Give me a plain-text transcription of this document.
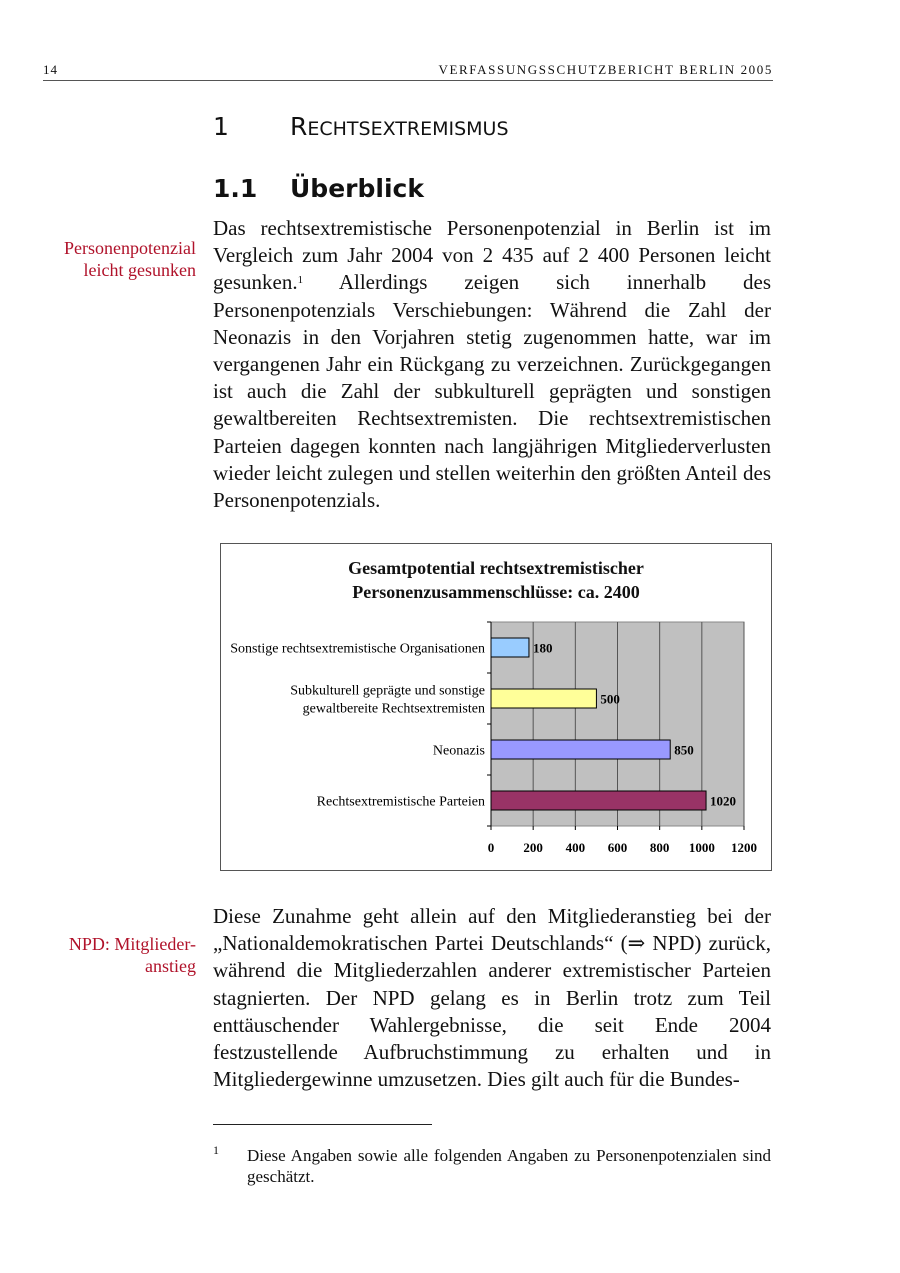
14	VERFASSUNGSSCHUTZBERICHT BERLIN 2005
1 RECHTSEXTREMISMUS
1.1 Überblick
Personenpotenzial
leicht gesunken
Das rechtsextremistische Personenpotenzial in Berlin ist im Vergleich zum Jahr 2004 von 2 435 auf 2 400 Personen leicht gesunken.$^1$ Allerdings zeigen sich innerhalb des Personenpotenzials Verschiebungen: Während die Zahl der Neonazis in den Vorjahren stetig zugenommen hatte, war im vergangenen Jahr ein Rückgang zu verzeichnen. Zurückgegangen ist auch die Zahl der subkulturell geprägten und sonstigen gewaltbereiten Rechtsextremisten. Die rechtsextremistischen Parteien dagegen konnten nach langjährigen Mitgliederverlusten wieder leicht zulegen und stellen weiterhin den größten Anteil des Personenpotenzials.
Gesamtpotential rechtsextremistischer
Personenzusammenschlüsse: ca. 2400
0 200 400 600 800 1000 1200
180
Sonstige rechtsextremistische Organisationen
500
Subkulturell geprägte und sonstige
gewaltbereite Rechtsextremisten
850
Neonazis
1020
Rechtsextremistische Parteien
NPD: Mitglieder-
anstieg
Diese Zunahme geht allein auf den Mitgliederanstieg bei der „Nationaldemokratischen Partei Deutschlands“ (⇒ NPD) zurück, während die Mitgliederzahlen anderer extremistischer Parteien stagnierten. Der NPD gelang es in Berlin trotz zum Teil enttäuschender Wahlergebnisse, die seit Ende 2004 festzustellende Aufbruchstimmung zu erhalten und in Mitgliedergewinne umzusetzen. Dies gilt auch für die Bundes-
1 Diese Angaben sowie alle folgenden Angaben zu Personenpotenzialen sind geschätzt.
